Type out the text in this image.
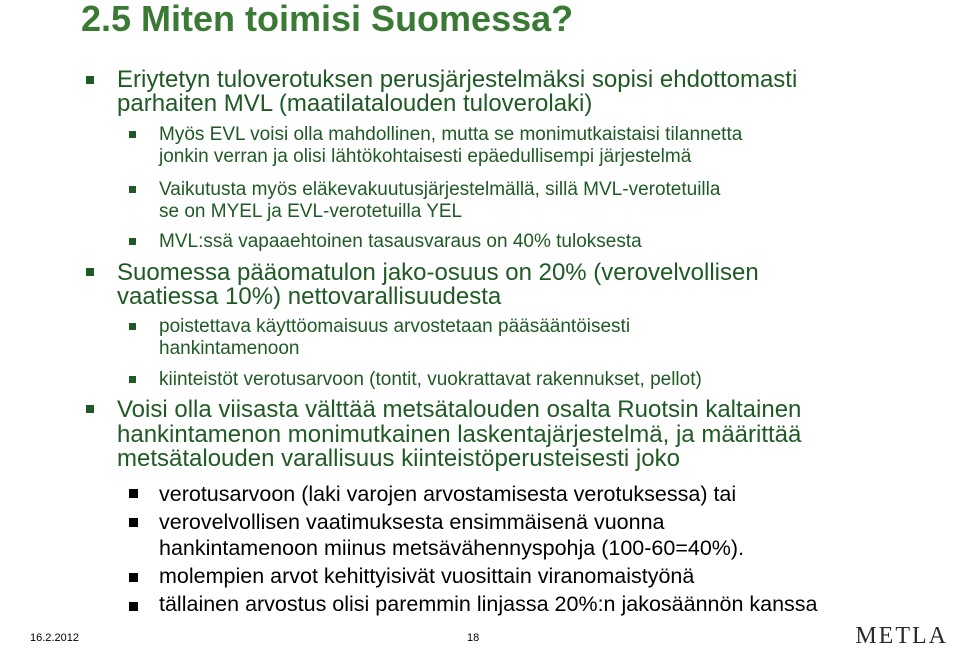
2.5 Miten toimisi Suomessa?
Eriytetyn tuloverotuksen perusjärjestelmäksi sopisi ehdottomasti
parhaiten MVL (maatilatalouden tuloverolaki)
Myös EVL voisi olla mahdollinen, mutta se monimutkaistaisi tilannetta
jonkin verran ja olisi lähtökohtaisesti epäedullisempi järjestelmä
Vaikutusta myös eläkevakuutusjärjestelmällä, sillä MVL-verotetuilla
se on MYEL ja EVL-verotetuilla YEL
MVL:ssä vapaaehtoinen tasausvaraus on 40% tuloksesta
Suomessa pääomatulon jako-osuus on 20% (verovelvollisen
vaatiessa 10%) nettovarallisuudesta
poistettava käyttöomaisuus arvostetaan pääsääntöisesti
hankintamenoon
kiinteistöt verotusarvoon (tontit, vuokrattavat rakennukset, pellot)
Voisi olla viisasta välttää metsätalouden osalta Ruotsin kaltainen
hankintamenon monimutkainen laskentajärjestelmä, ja määrittää
metsätalouden varallisuus kiinteistöperusteisesti joko
verotusarvoon (laki varojen arvostamisesta verotuksessa) tai
verovelvollisen vaatimuksesta ensimmäisenä vuonna
hankintamenoon miinus metsävähennyspohja (100-60=40%).
molempien arvot kehittyisivät vuosittain viranomaistyönä
tällainen arvostus olisi paremmin linjassa 20%:n jakosäännön kanssa
16.2.2012	18	METLA
